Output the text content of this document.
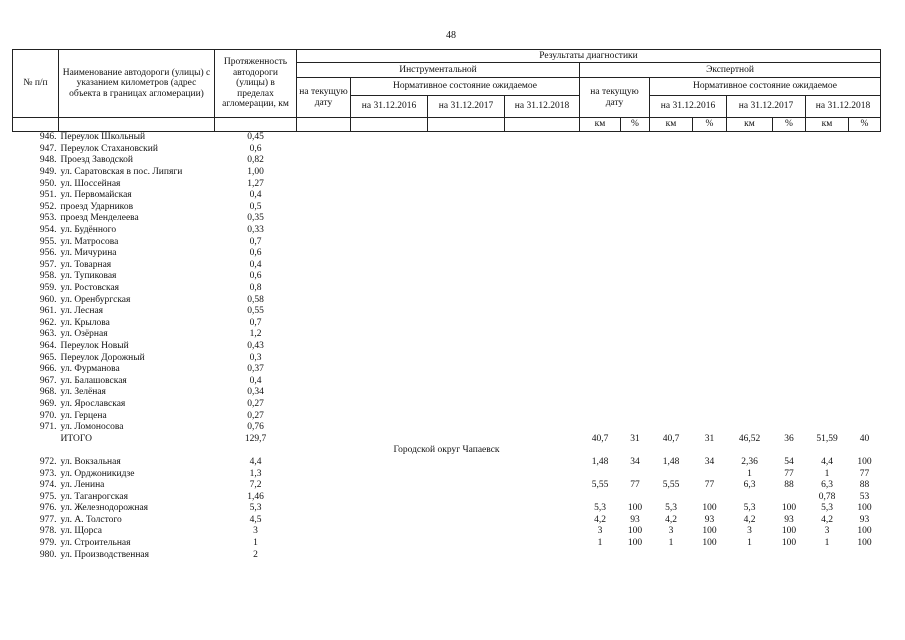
48
№ п/п	Наименование автодороги (улицы) с указанием километров (адрес объекта в границах агломерации)	Протяженность автодороги (улицы) в пределах агломерации, км	Результаты диагностики											
			Инструментальной				Экспертной							
			на текущую дату	Нормативное состояние ожидаемое			на текущую дату		Нормативное состояние ожидаемое					
				на 31.12.2016	на 31.12.2017	на 31.12.2018			на 31.12.2016		на 31.12.2017		на 31.12.2018	
							км	%	км	%	км	%	км	%
946.	Переулок Школьный	0,45												
947.	Переулок Стахановский	0,6												
948.	Проезд Заводской	0,82												
949.	ул. Саратовская в пос. Липяги	1,00												
950.	ул. Шоссейная	1,27												
951.	ул. Первомайская	0,4												
952.	проезд Ударников	0,5												
953.	проезд Менделеева	0,35												
954.	ул. Будённого	0,33												
955.	ул. Матросова	0,7												
956.	ул. Мичурина	0,6												
957.	ул. Товарная	0,4												
958.	ул. Тупиковая	0,6												
959.	ул. Ростовская	0,8												
960.	ул. Оренбургская	0,58												
961.	ул. Лесная	0,55												
962.	ул. Крылова	0,7												
963.	ул. Озёрная	1,2												
964.	Переулок Новый	0,43												
965.	Переулок Дорожный	0,3												
966.	ул. Фурманова	0,37												
967.	ул. Балашовская	0,4												
968.	ул. Зелёная	0,34												
969.	ул. Ярославская	0,27												
970.	ул. Герцена	0,27												
971.	ул. Ломоносова	0,76												
	ИТОГО	129,7					40,7	31	40,7	31	46,52	36	51,59	40
Городской округ Чапаевск														
972.	ул. Вокзальная	4,4					1,48	34	1,48	34	2,36	54	4,4	100
973.	ул. Орджоникидзе	1,3									1	77	1	77
974.	ул. Ленина	7,2					5,55	77	5,55	77	6,3	88	6,3	88
975.	ул. Таганрогская	1,46											0,78	53
976.	ул. Железнодорожная	5,3					5,3	100	5,3	100	5,3	100	5,3	100
977.	ул. А. Толстого	4,5					4,2	93	4,2	93	4,2	93	4,2	93
978.	ул. Щорса	3					3	100	3	100	3	100	3	100
979.	ул. Строительная	1					1	100	1	100	1	100	1	100
980.	ул. Производственная	2												
